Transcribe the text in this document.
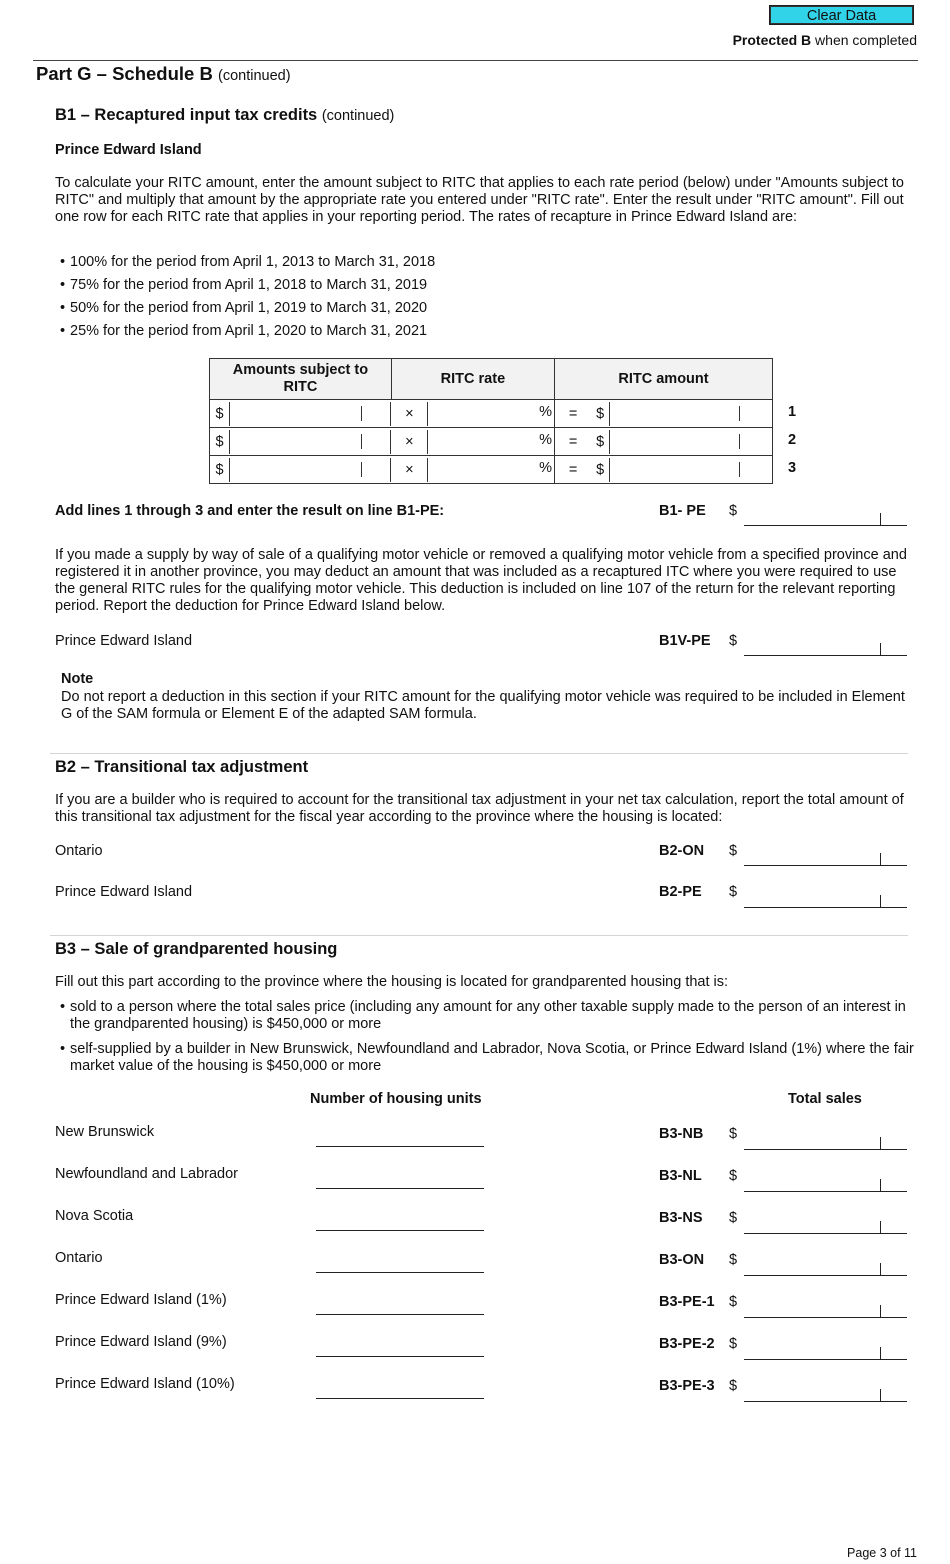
Clear Data
Protected B when completed
Part G – Schedule B (continued)
B1 – Recaptured input tax credits (continued)
Prince Edward Island
To calculate your RITC amount, enter the amount subject to RITC that applies to each rate period (below) under "Amounts subject to RITC" and multiply that amount by the appropriate rate you entered under "RITC rate". Enter the result under "RITC amount". Fill out one row for each RITC rate that applies in your reporting period. The rates of recapture in Prince Edward Island are:
• 100% for the period from April 1, 2013 to March 31, 2018
• 75% for the period from April 1, 2018 to March 31, 2019
• 50% for the period from April 1, 2019 to March 31, 2020
• 25% for the period from April 1, 2020 to March 31, 2021
Amounts subject to RITC		RITC rate		RITC amount		
$		×	%	=	$	

$		×	%	=	$	

$		×	%	=	$	
1
2
3
Add lines 1 through 3 and enter the result on line B1-PE:	B1- PE $
If you made a supply by way of sale of a qualifying motor vehicle or removed a qualifying motor vehicle from a specified province and registered it in another province, you may deduct an amount that was included as a recaptured ITC where you were required to use the general RITC rules for the qualifying motor vehicle. This deduction is included on line 107 of the return for the relevant reporting period. Report the deduction for Prince Edward Island below.
Prince Edward Island	B1V-PE $
Note
Do not report a deduction in this section if your RITC amount for the qualifying motor vehicle was required to be included in Element G of the SAM formula or Element E of the adapted SAM formula.
B2 – Transitional tax adjustment
If you are a builder who is required to account for the transitional tax adjustment in your net tax calculation, report the total amount of this transitional tax adjustment for the fiscal year according to the province where the housing is located:
Ontario	B2-ON $
Prince Edward Island	B2-PE $
B3 – Sale of grandparented housing
Fill out this part according to the province where the housing is located for grandparented housing that is:
• sold to a person where the total sales price (including any amount for any other taxable supply made to the person of an interest in the grandparented housing) is $450,000 or more
• self-supplied by a builder in New Brunswick, Newfoundland and Labrador, Nova Scotia, or Prince Edward Island (1%) where the fair market value of the housing is $450,000 or more
Number of housing units	Total sales
New Brunswick	B3-NB $
Newfoundland and Labrador	B3-NL $
Nova Scotia	B3-NS $
Ontario	B3-ON $
Prince Edward Island (1%)	B3-PE-1 $
Prince Edward Island (9%)	B3-PE-2 $
Prince Edward Island (10%)	B3-PE-3 $
Page 3 of 11
